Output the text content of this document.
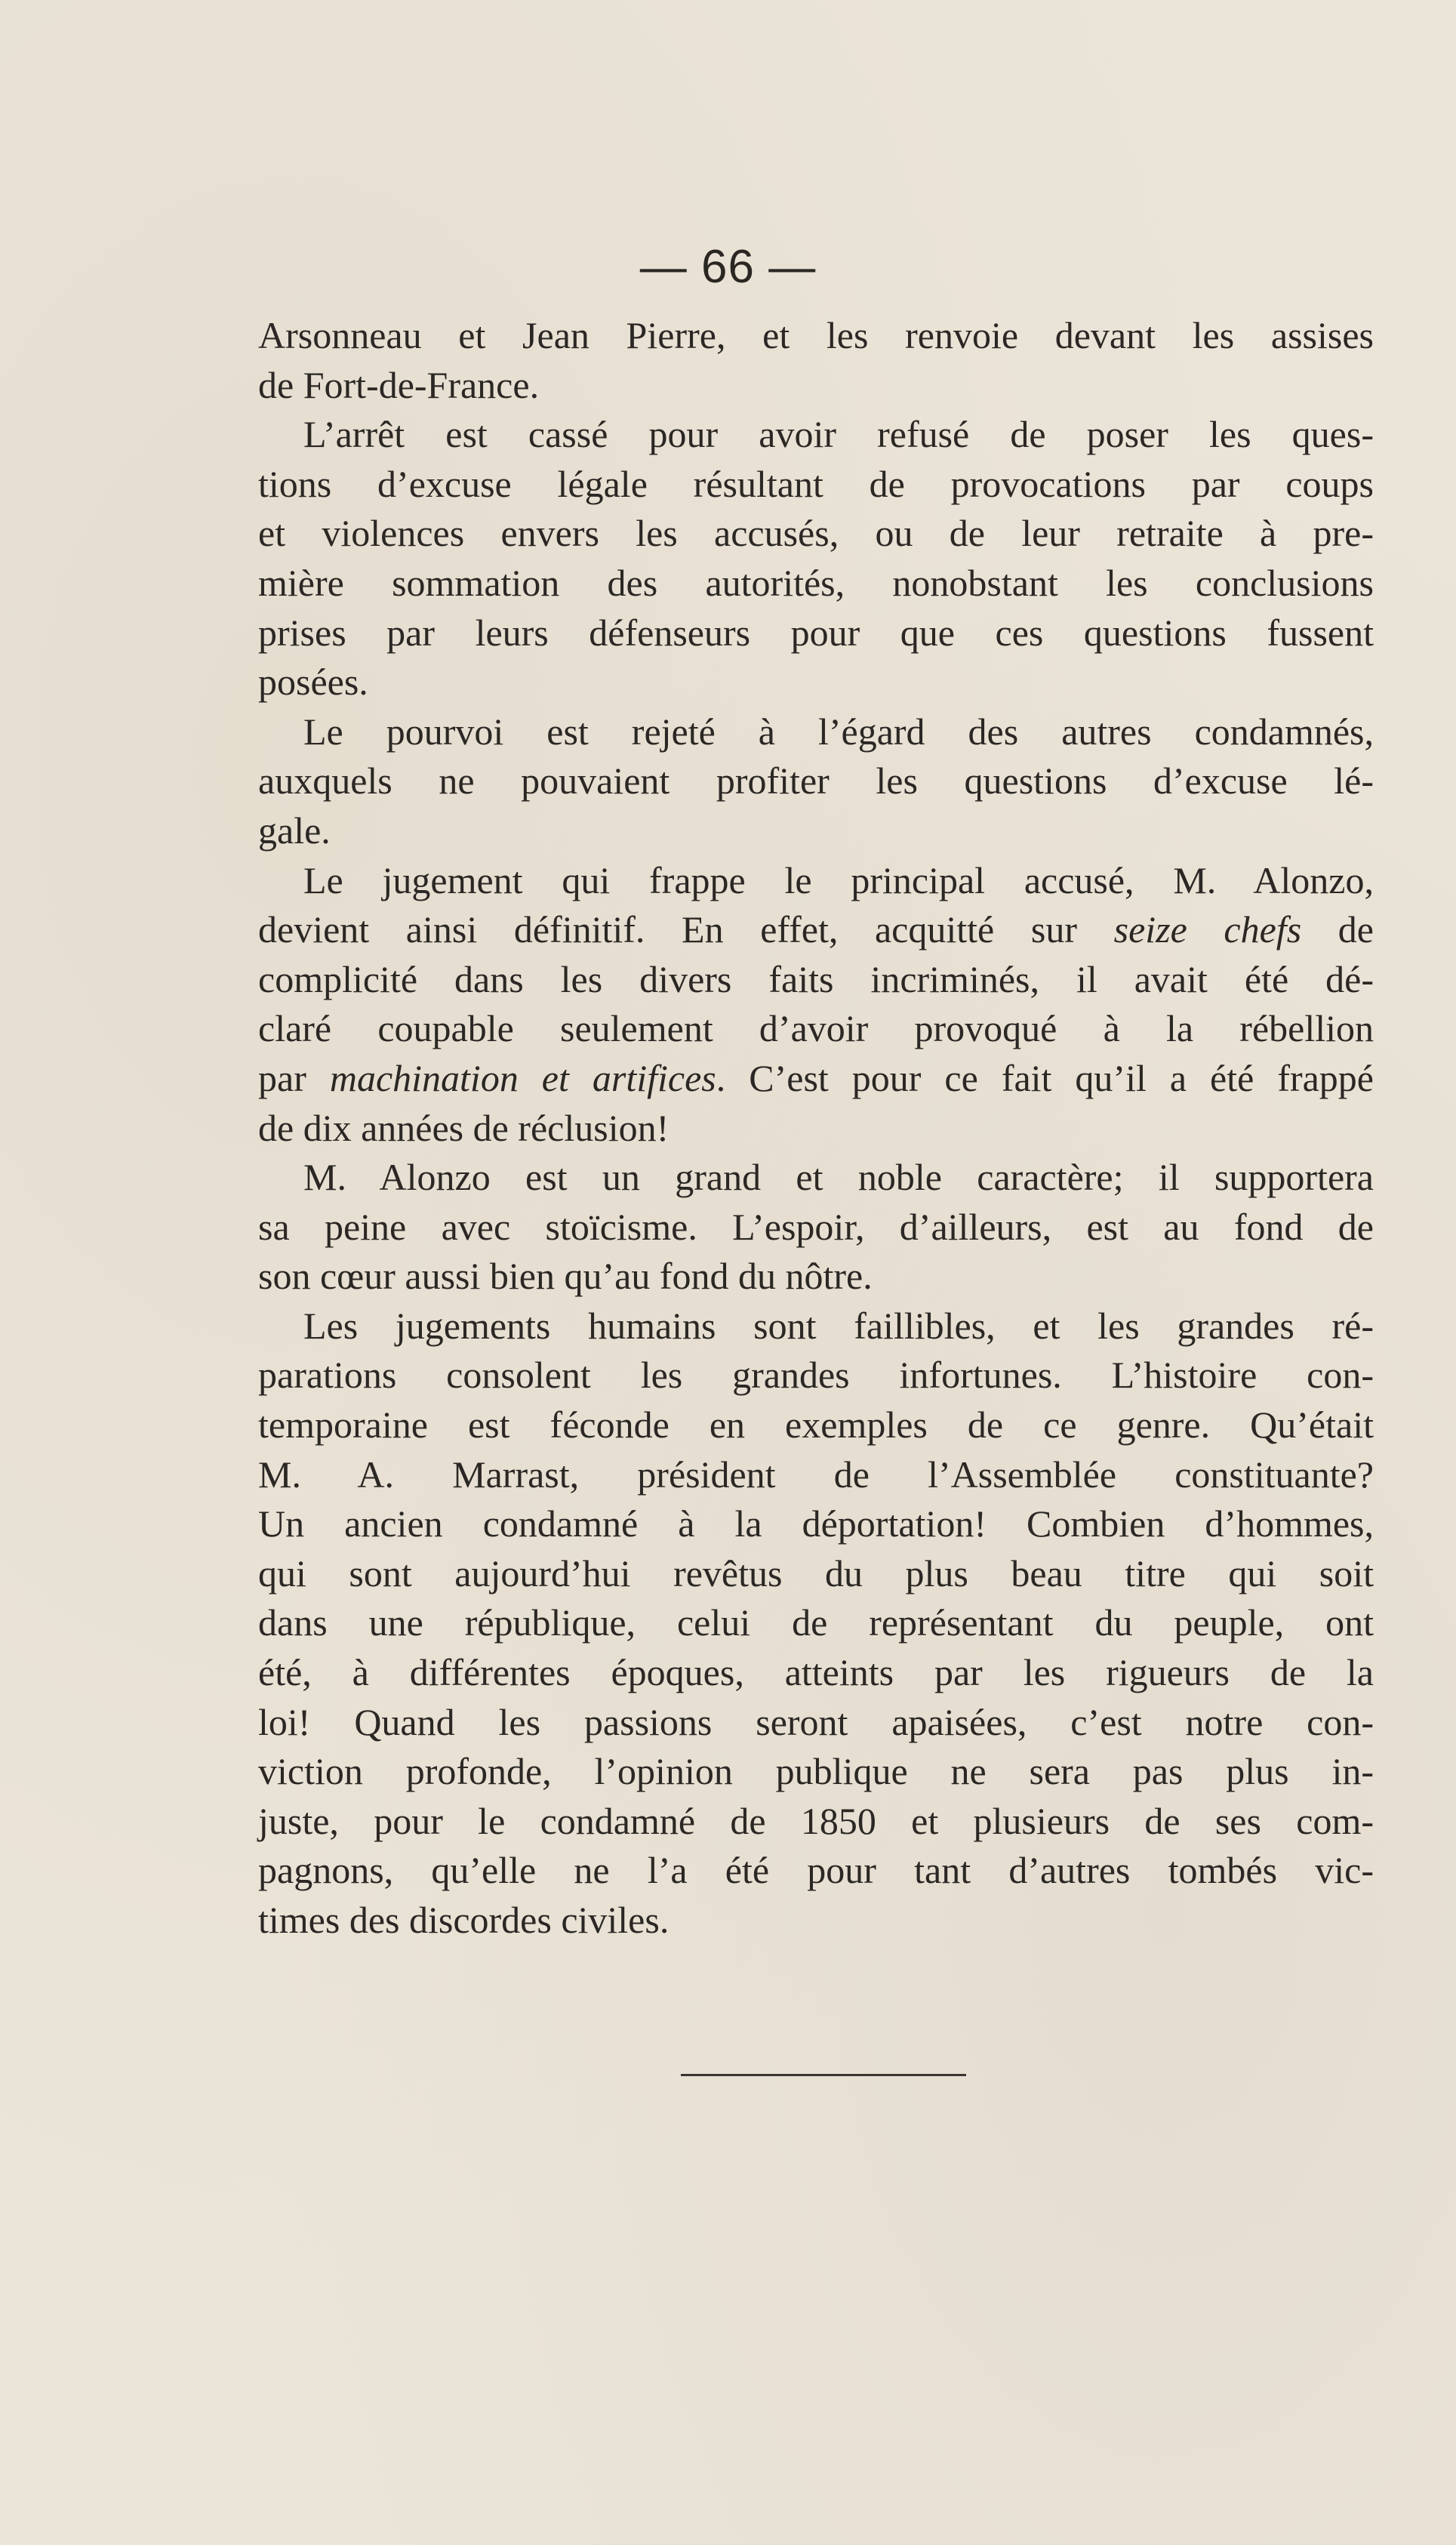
— 66 —
Arsonneau et Jean Pierre, et les renvoie devant les assises
de Fort-de-France.
L’arrêt est cassé pour avoir refusé de poser les ques-
tions d’excuse légale résultant de provocations par coups
et violences envers les accusés, ou de leur retraite à pre-
mière sommation des autorités, nonobstant les conclusions
prises par leurs défenseurs pour que ces questions fussent
posées.
Le pourvoi est rejeté à l’égard des autres condamnés,
auxquels ne pouvaient profiter les questions d’excuse lé-
gale.
Le jugement qui frappe le principal accusé, M. Alonzo,
devient ainsi définitif. En effet, acquitté sur seize chefs de
complicité dans les divers faits incriminés, il avait été dé-
claré coupable seulement d’avoir provoqué à la rébellion
par machination et artifices. C’est pour ce fait qu’il a été frappé
de dix années de réclusion!
M. Alonzo est un grand et noble caractère; il supportera
sa peine avec stoïcisme. L’espoir, d’ailleurs, est au fond de
son cœur aussi bien qu’au fond du nôtre.
Les jugements humains sont faillibles, et les grandes ré-
parations consolent les grandes infortunes. L’histoire con-
temporaine est féconde en exemples de ce genre. Qu’était
M. A. Marrast, président de l’Assemblée constituante?
Un ancien condamné à la déportation! Combien d’hommes,
qui sont aujourd’hui revêtus du plus beau titre qui soit
dans une république, celui de représentant du peuple, ont
été, à différentes époques, atteints par les rigueurs de la
loi! Quand les passions seront apaisées, c’est notre con-
viction profonde, l’opinion publique ne sera pas plus in-
juste, pour le condamné de 1850 et plusieurs de ses com-
pagnons, qu’elle ne l’a été pour tant d’autres tombés vic-
times des discordes civiles.
